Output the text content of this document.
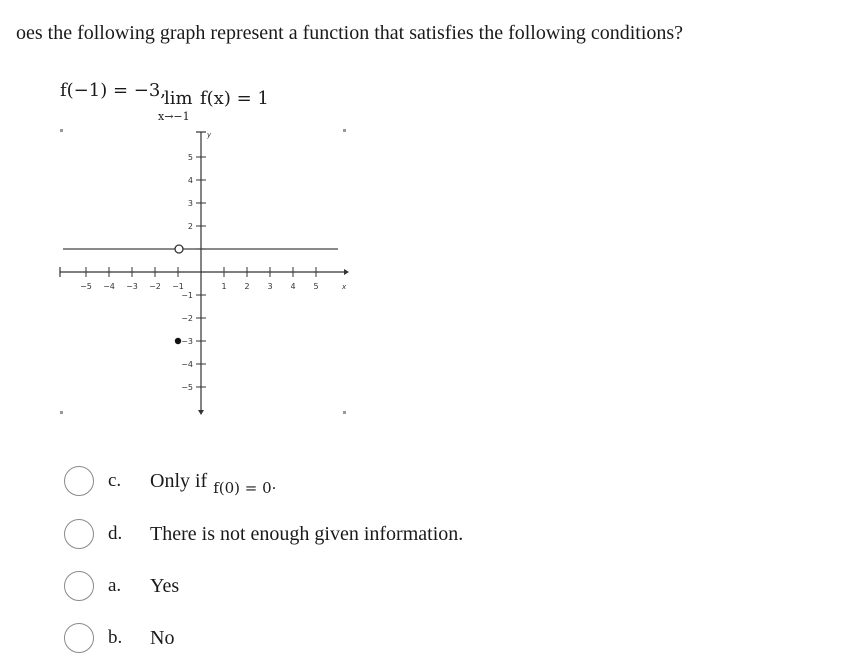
oes the following graph represent a function that satisfies the following conditions?
f(−1) = −3,
lim
x→−1
f(x) = 1
−5 −4 −3 −2 −1	1 2 3 4 5
5
4
3
2
−1
−2
−3
−4
−5
y
x
c. Only if $_{f(0) = 0\cdot}$
d. There is not enough given information.
a. Yes
b. No
